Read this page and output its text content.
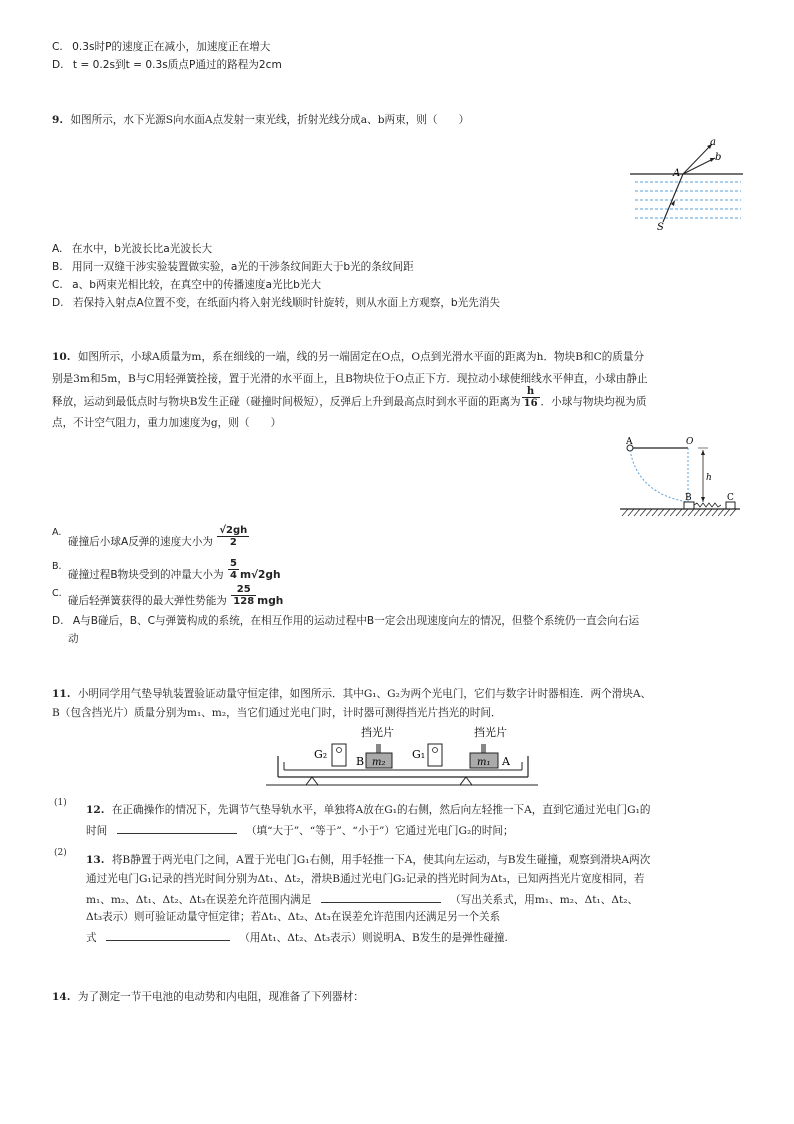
C. 0.3s时P的速度正在减小，加速度正在增大
D. t = 0.2s到t = 0.3s质点P通过的路程为2cm
9. 如图所示，水下光源S向水面A点发射一束光线，折射光线分成a、b两束，则（　　）
A
a
b
S
A. 在水中，b光波长比a光波长大
B. 用同一双缝干涉实验装置做实验，a光的干涉条纹间距大于b光的条纹间距
C. a、b两束光相比较，在真空中的传播速度a光比b光大
D. 若保持入射点A位置不变，在纸面内将入射光线顺时针旋转，则从水面上方观察，b光先消失
10. 如图所示，小球A质量为m，系在细线的一端，线的另一端固定在O点，O点到光滑水平面的距离为h．物块B和C的质量分
别是3m和5m，B与C用轻弹簧拴接，置于光滑的水平面上，且B物块位于O点正下方．现拉动小球使细线水平伸直，小球由静止
释放，运动到最低点时与物块B发生正碰（碰撞时间极短），反弹后上升到最高点时到水平面的距离为 $\frac{h}{16}$ ．小球与物块均视为质
点，不计空气阻力，重力加速度为g，则（　　）
A	O
h
B	C
A.
碰撞后小球A反弹的速度大小为 $\frac{√2gh}{2}$
B.
碰撞过程B物块受到的冲量大小为 $\frac{5}{4} m√2gh$
C.
碰后轻弹簧获得的最大弹性势能为 $\frac{25}{128}$ mgh
D. A与B碰后，B、C与弹簧构成的系统，在相互作用的运动过程中B一定会出现速度向左的情况，但整个系统仍一直会向右运
动
11. 小明同学用气垫导轨装置验证动量守恒定律，如图所示．其中G₁、G₂为两个光电门，它们与数字计时器相连．两个滑块A、
B（包含挡光片）质量分别为m₁、m₂，当它们通过光电门时，计时器可测得挡光片挡光的时间．
挡光片	挡光片
G₂	G₁
B	A
m₂	m₁
(1)
12. 在正确操作的情况下，先调节气垫导轨水平，单独将A放在G₁的右侧，然后向左轻推一下A，直到它通过光电门G₁的
时间	（填“大于”、“等于”、“小于”）它通过光电门G₂的时间；
(2)
13. 将B静置于两光电门之间，A置于光电门G₁右侧，用手轻推一下A，使其向左运动，与B发生碰撞，观察到滑块A两次
通过光电门G₁记录的挡光时间分别为Δt₁、Δt₂，滑块B通过光电门G₂记录的挡光时间为Δt₃，已知两挡光片宽度相同，若
m₁、m₂、Δt₁、Δt₂、Δt₃在误差允许范围内满足	（写出关系式，用m₁、m₂、Δt₁、Δt₂、
Δt₃表示）则可验证动量守恒定律；若Δt₁、Δt₂、Δt₃在误差允许范围内还满足另一个关系
式	（用Δt₁、Δt₂、Δt₃表示）则说明A、B发生的是弹性碰撞.
14. 为了测定一节干电池的电动势和内电阻，现准备了下列器材：
